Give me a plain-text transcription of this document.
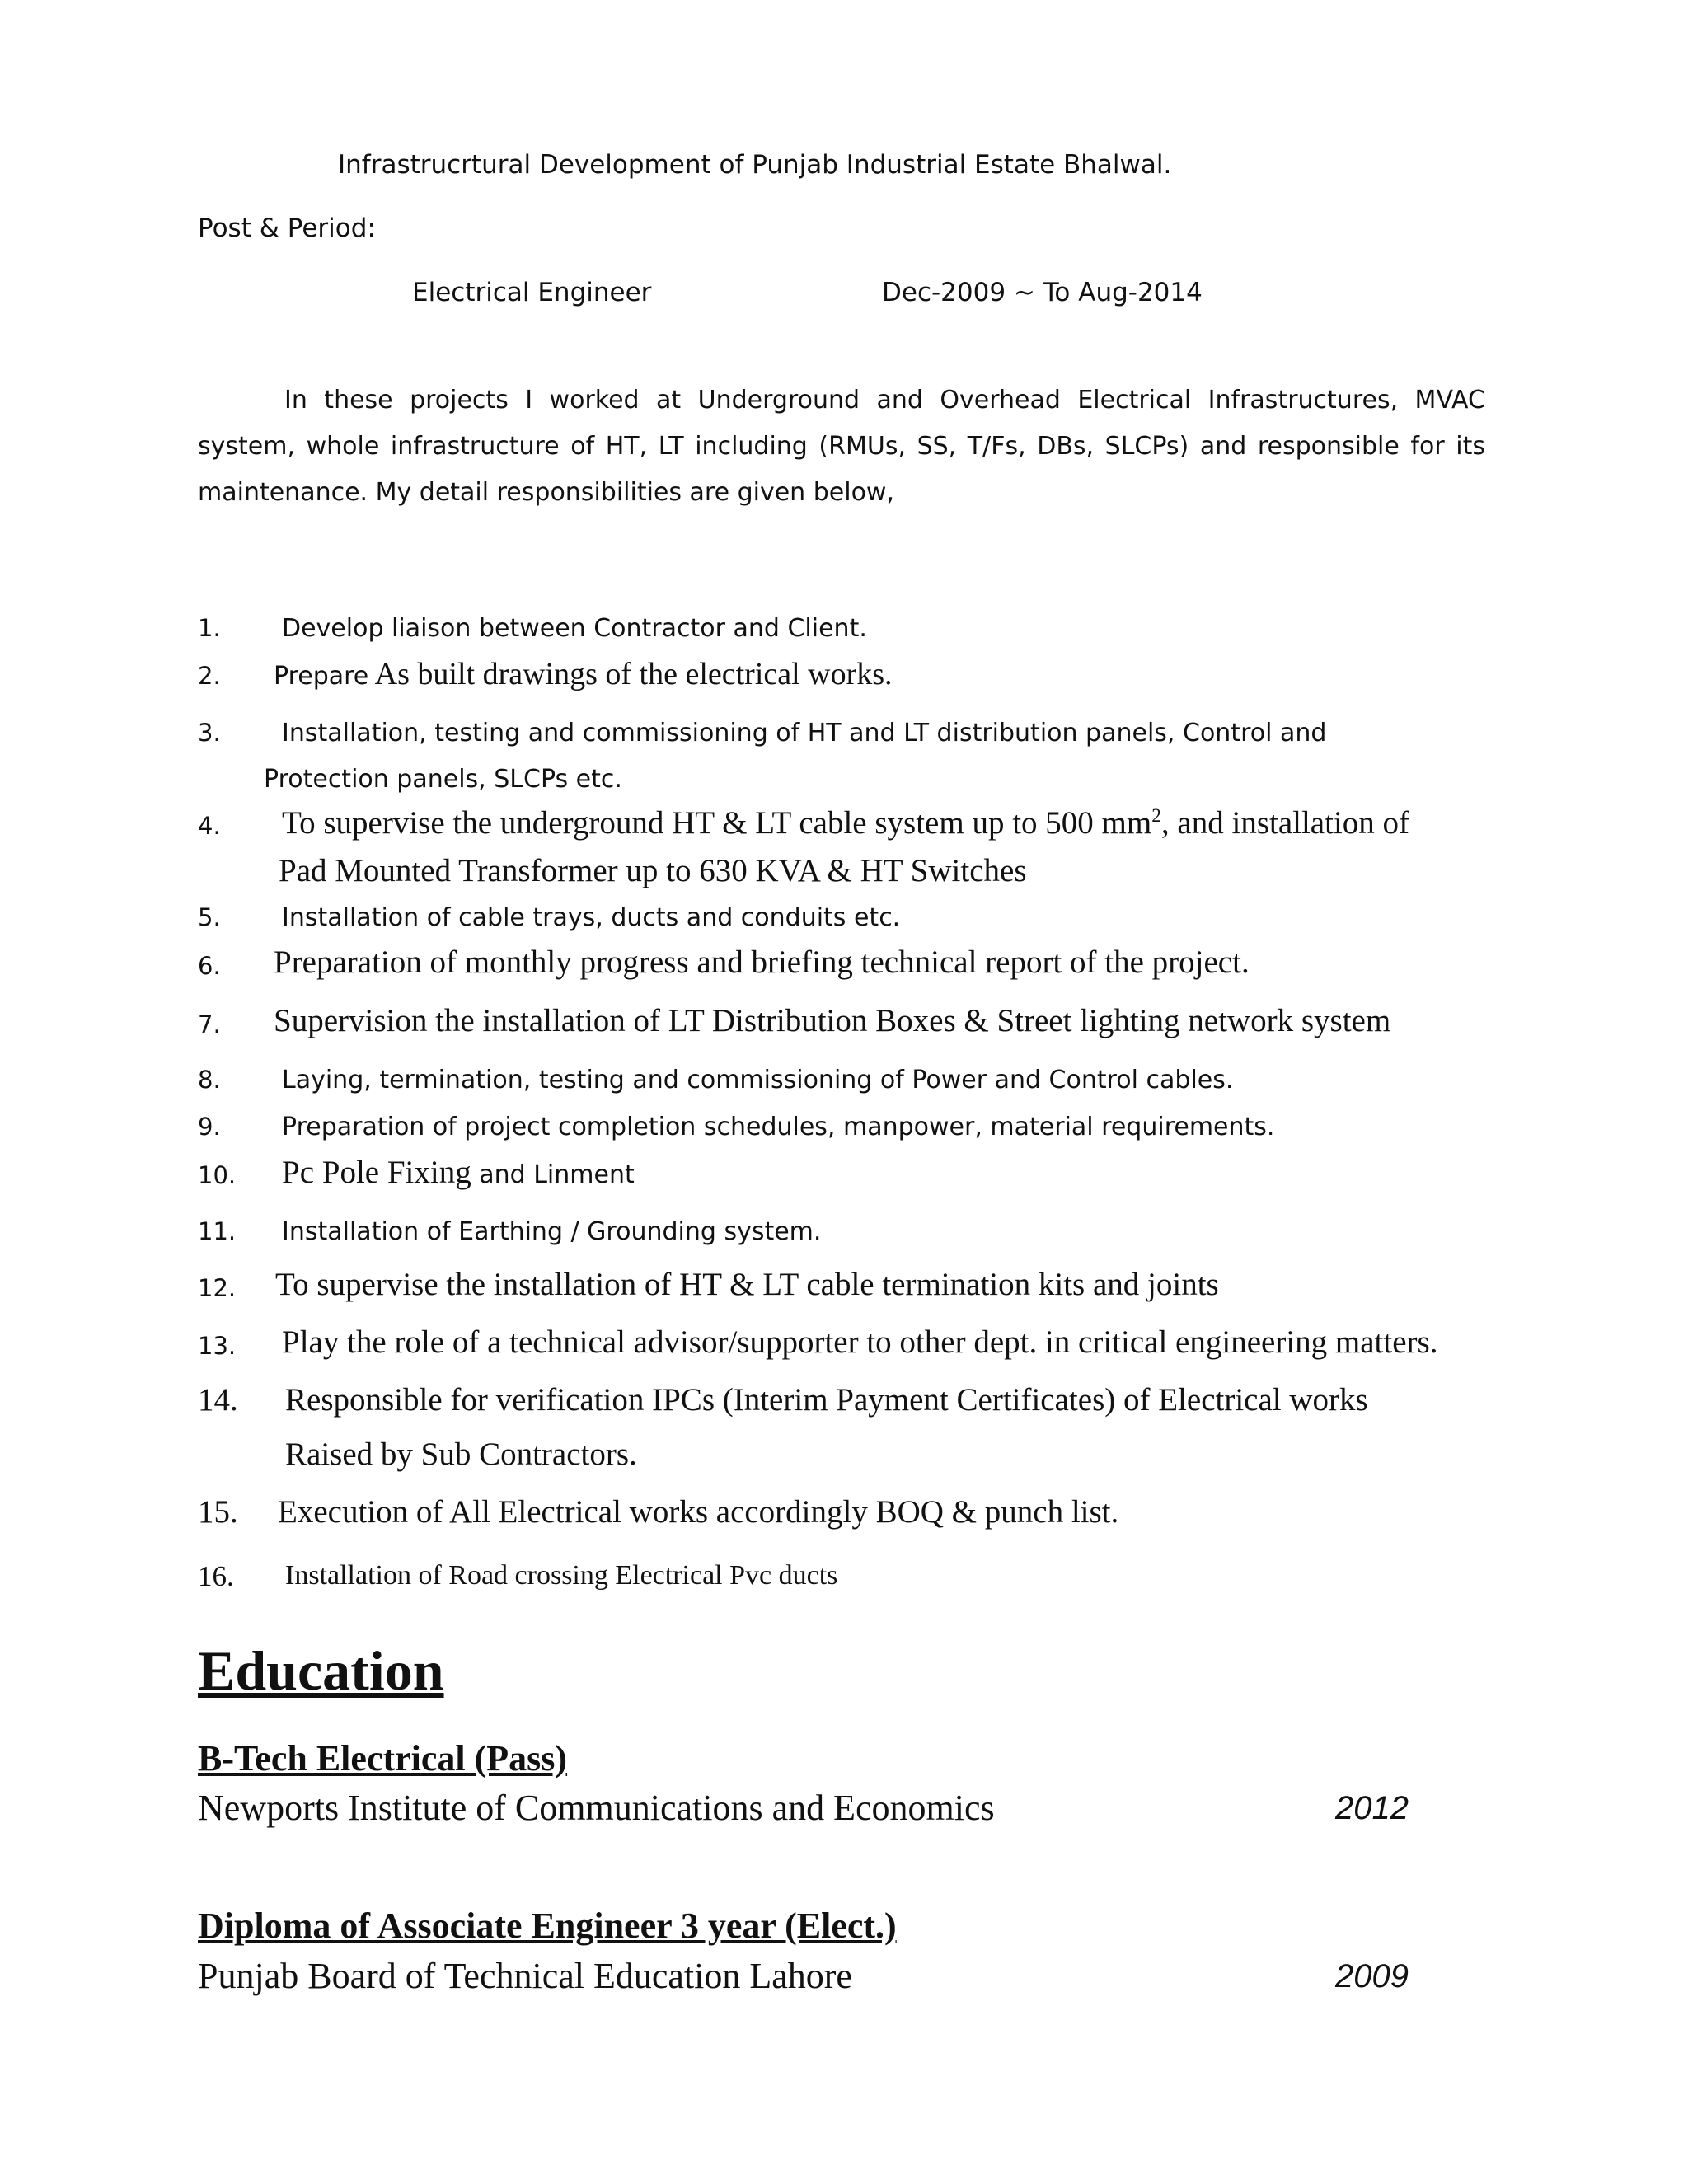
Infrastrucrtural Development of Punjab Industrial Estate Bhalwal.
Post & Period:
Electrical Engineer	Dec-2009 ~ To Aug-2014
In these projects I worked at Underground and Overhead Electrical Infrastructures, MVAC system, whole infrastructure of HT, LT including (RMUs, SS, T/Fs, DBs, SLCPs) and responsible for its maintenance. My detail responsibilities are given below,
1. Develop liaison between Contractor and Client.
2. Prepare As built drawings of the electrical works.
3. Installation, testing and commissioning of HT and LT distribution panels, Control and
Protection panels, SLCPs etc.
4. To supervise the underground HT & LT cable system up to 500 $mm^2$, and installation of
Pad Mounted Transformer up to 630 KVA & HT Switches
5. Installation of cable trays, ducts and conduits etc.
6. Preparation of monthly progress and briefing technical report of the project.
7. Supervision the installation of LT Distribution Boxes & Street lighting network system
8. Laying, termination, testing and commissioning of Power and Control cables.
9. Preparation of project completion schedules, manpower, material requirements.
10. Pc Pole Fixing and Linment
11. Installation of Earthing / Grounding system.
12. To supervise the installation of HT & LT cable termination kits and joints
13. Play the role of a technical advisor/supporter to other dept. in critical engineering matters.
14. Responsible for verification IPCs (Interim Payment Certificates) of Electrical works
Raised by Sub Contractors.
15. Execution of All Electrical works accordingly BOQ & punch list.
16. Installation of Road crossing Electrical Pvc ducts
Education
B-Tech Electrical (Pass)
Newports Institute of Communications and Economics	2012
Diploma of Associate Engineer 3 year (Elect.)
Punjab Board of Technical Education Lahore	2009
